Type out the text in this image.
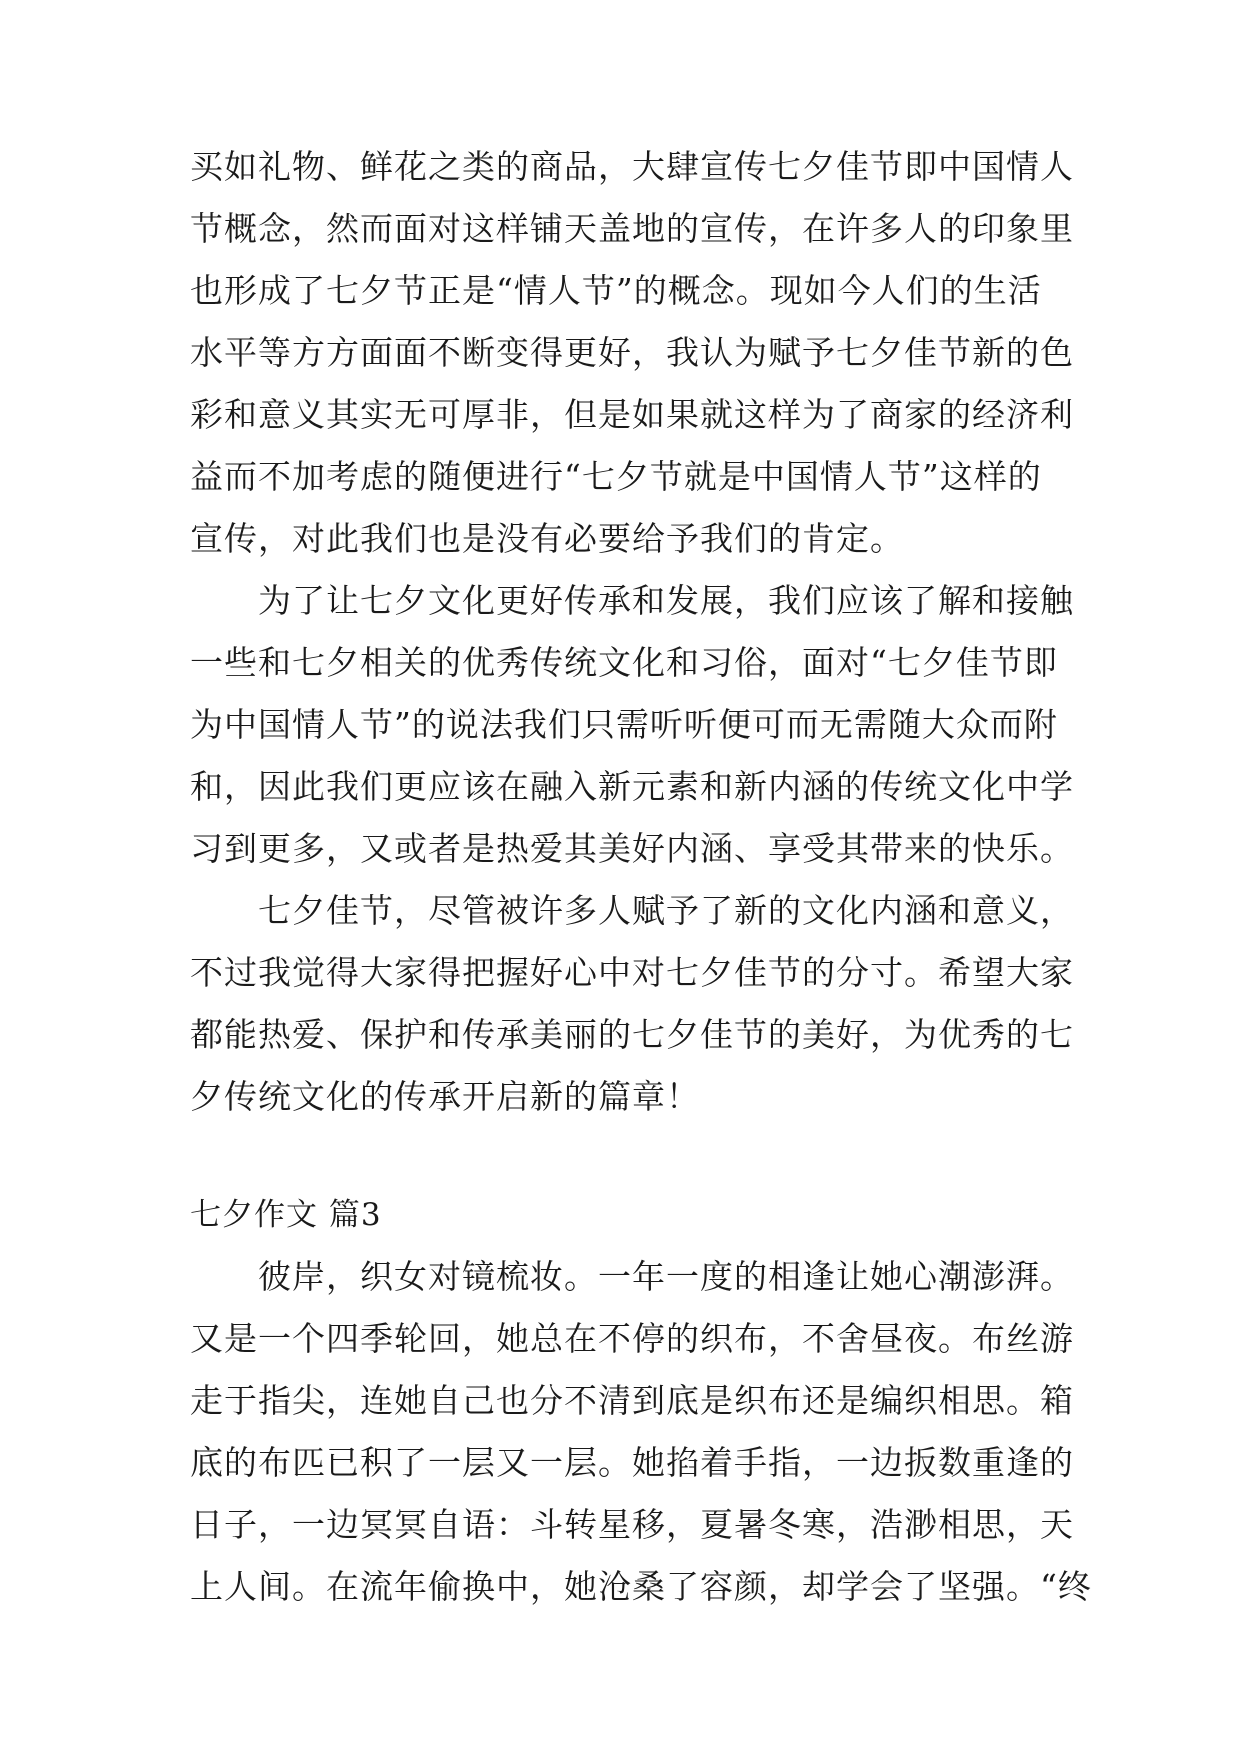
买如礼物、鲜花之类的商品，大肆宣传七夕佳节即中国情人
节概念，然而面对这样铺天盖地的宣传，在许多人的印象里
也形成了七夕节正是“情人节”的概念。现如今人们的生活
水平等方方面面不断变得更好，我认为赋予七夕佳节新的色
彩和意义其实无可厚非，但是如果就这样为了商家的经济利
益而不加考虑的随便进行“七夕节就是中国情人节”这样的
宣传，对此我们也是没有必要给予我们的肯定。
为了让七夕文化更好传承和发展，我们应该了解和接触
一些和七夕相关的优秀传统文化和习俗，面对“七夕佳节即
为中国情人节”的说法我们只需听听便可而无需随大众而附
和，因此我们更应该在融入新元素和新内涵的传统文化中学
习到更多，又或者是热爱其美好内涵、享受其带来的快乐。
七夕佳节，尽管被许多人赋予了新的文化内涵和意义，
不过我觉得大家得把握好心中对七夕佳节的分寸。希望大家
都能热爱、保护和传承美丽的七夕佳节的美好，为优秀的七
夕传统文化的传承开启新的篇章！
七夕作文 篇3
彼岸，织女对镜梳妆。一年一度的相逢让她心潮澎湃。
又是一个四季轮回，她总在不停的织布，不舍昼夜。布丝游
走于指尖，连她自己也分不清到底是织布还是编织相思。箱
底的布匹已积了一层又一层。她掐着手指，一边扳数重逢的
日子，一边冥冥自语：斗转星移，夏暑冬寒，浩渺相思，天
上人间。在流年偷换中，她沧桑了容颜，却学会了坚强。“终
